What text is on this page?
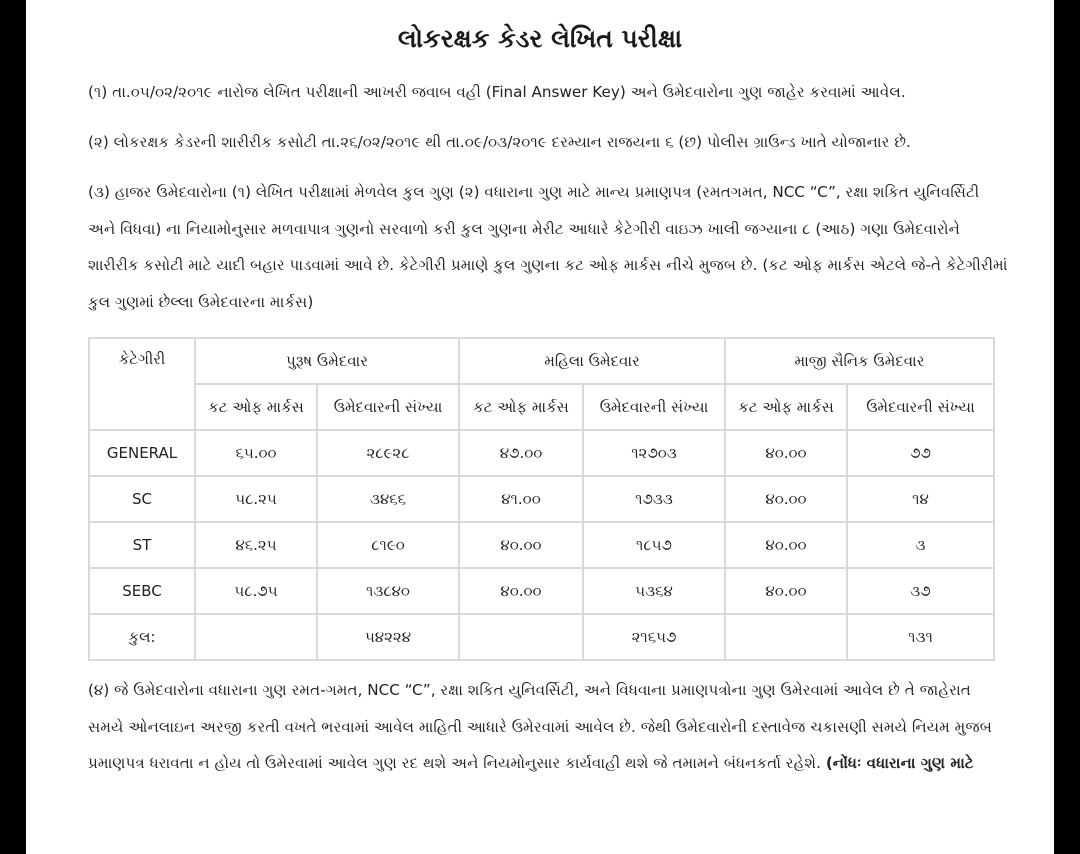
લોકરક્ષક કેડર લેખિત પરીક્ષા
(૧) તા.૦૫/૦૨/૨૦૧૯ નારોજ લેખિત પરીક્ષાની આખરી જવાબ વહી (Final Answer Key) અને ઉમેદવારોના ગુણ જાહેર કરવામાં આવેલ.
(૨) લોકરક્ષક કેડરની શારીરીક કસોટી તા.૨૬/૦૨/૨૦૧૯ થી તા.૦૯/૦૩/૨૦૧૯ દરમ્યાન રાજયના ૬ (છ) પોલીસ ગ્રાઉન્ડ ખાતે યોજાનાર છે.
(૩) હાજર ઉમેદવારોના (૧) લેખિત પરીક્ષામાં મેળવેલ કુલ ગુણ (૨) વધારાના ગુણ માટે માન્ય પ્રમાણપત્ર (રમતગમત, NCC “C”, રક્ષા શકિત યુનિવર્સિટી અને વિધવા) ના નિયામોનુસાર મળવાપાત્ર ગુણનો સરવાળો કરી કુલ ગુણના મેરીટ આધારે કેટેગીરી વાઇઝ ખાલી જગ્યાના ૮ (આઠ) ગણા ઉમેદવારોને શારીરીક કસોટી માટે યાદી બહાર પાડવામાં આવે છે. કેટેગીરી પ્રમાણે કુલ ગુણના કટ ઓફ માર્કસ નીચે મુજબ છે. (કટ ઓફ માર્કસ એટલે જે-તે કેટેગીરીમાં કુલ ગુણમાં છેલ્લા ઉમેદવારના માર્કસ)
કેટેગીરી	પુરૂષ ઉમેદવાર		મહિલા ઉમેદવાર		માજી સૈનિક ઉમેદવાર	
	કટ ઓફ માર્કસ	ઉમેદવારની સંખ્યા	કટ ઓફ માર્કસ	ઉમેદવારની સંખ્યા	કટ ઓફ માર્કસ	ઉમેદવારની સંખ્યા
GENERAL	૬૫.૦૦	૨૮૯૨૮	૪૭.૦૦	૧૨૭૦૩	૪૦.૦૦	૭૭
SC	૫૮.૨૫	૩૪૬૬	૪૧.૦૦	૧૭૩૩	૪૦.૦૦	૧૪
ST	૪૬.૨૫	૮૧૯૦	૪૦.૦૦	૧૮૫૭	૪૦.૦૦	૩
SEBC	૫૮.૭૫	૧૩૮૪૦	૪૦.૦૦	૫૩૬૪	૪૦.૦૦	૩૭
કુલ:		૫૪૨૨૪		૨૧૬૫૭		૧૩૧
(૪) જે ઉમેદવારોના વધારાના ગુણ રમત-ગમત, NCC “C”, રક્ષા શકિત યુનિવર્સિટી, અને વિધવાના પ્રમાણપત્રોના ગુણ ઉમેરવામાં આવેલ છે તે જાહેરાત સમયે ઓનલાઇન અરજી કરતી વખતે ભરવામાં આવેલ માહિતી આધારે ઉમેરવામાં આવેલ છે. જેથી ઉમેદવારોની દસ્તાવેજ ચકાસણી સમયે નિયમ મુજબ પ્રમાણપત્ર ધરાવતા ન હોય તો ઉમેરવામાં આવેલ ગુણ રદ થશે અને નિયમોનુસાર કાર્યવાહી થશે જે તમામને બંધનકર્તા રહેશે. (નોંધઃ વધારાના ગુણ માટે
